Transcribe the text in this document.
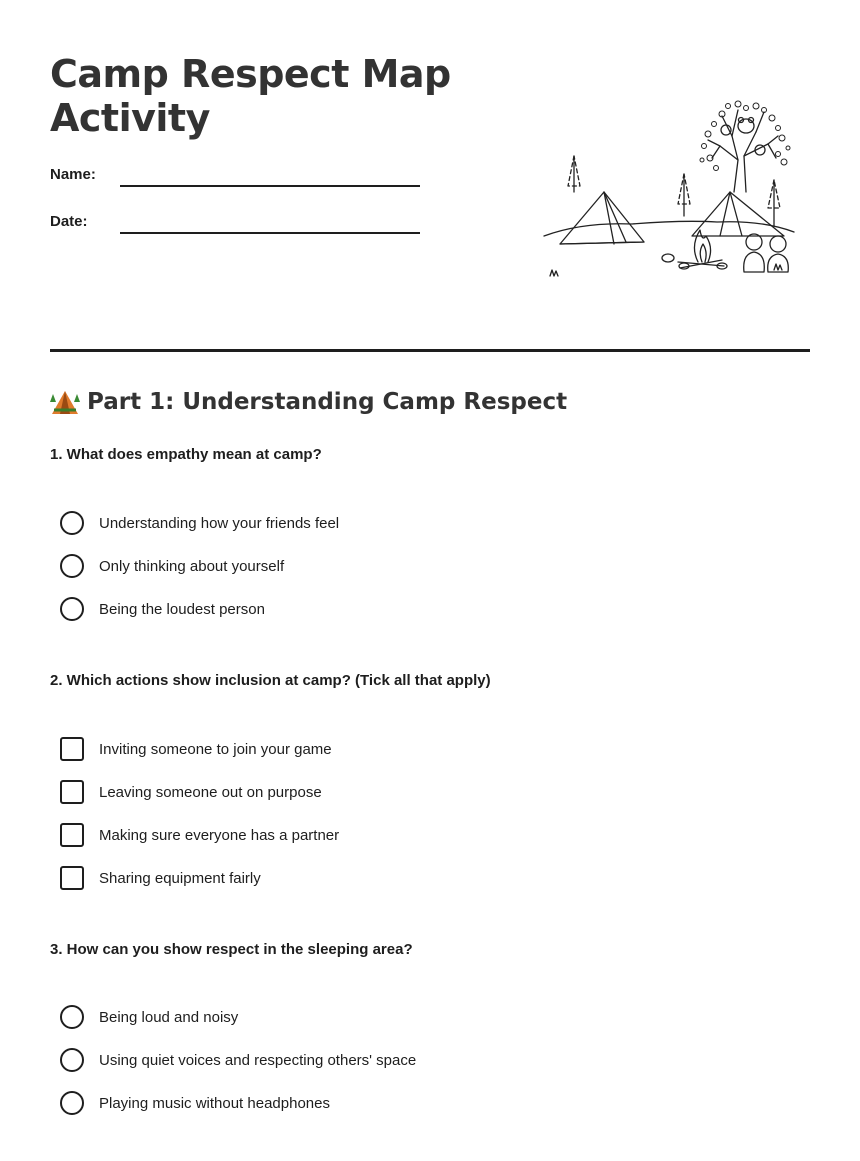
Camp Respect Map Activity
Name:
Date:
Part 1: Understanding Camp Respect
1. What does empathy mean at camp?
Understanding how your friends feel
Only thinking about yourself
Being the loudest person
2. Which actions show inclusion at camp? (Tick all that apply)
Inviting someone to join your game
Leaving someone out on purpose
Making sure everyone has a partner
Sharing equipment fairly
3. How can you show respect in the sleeping area?
Being loud and noisy
Using quiet voices and respecting others' space
Playing music without headphones
